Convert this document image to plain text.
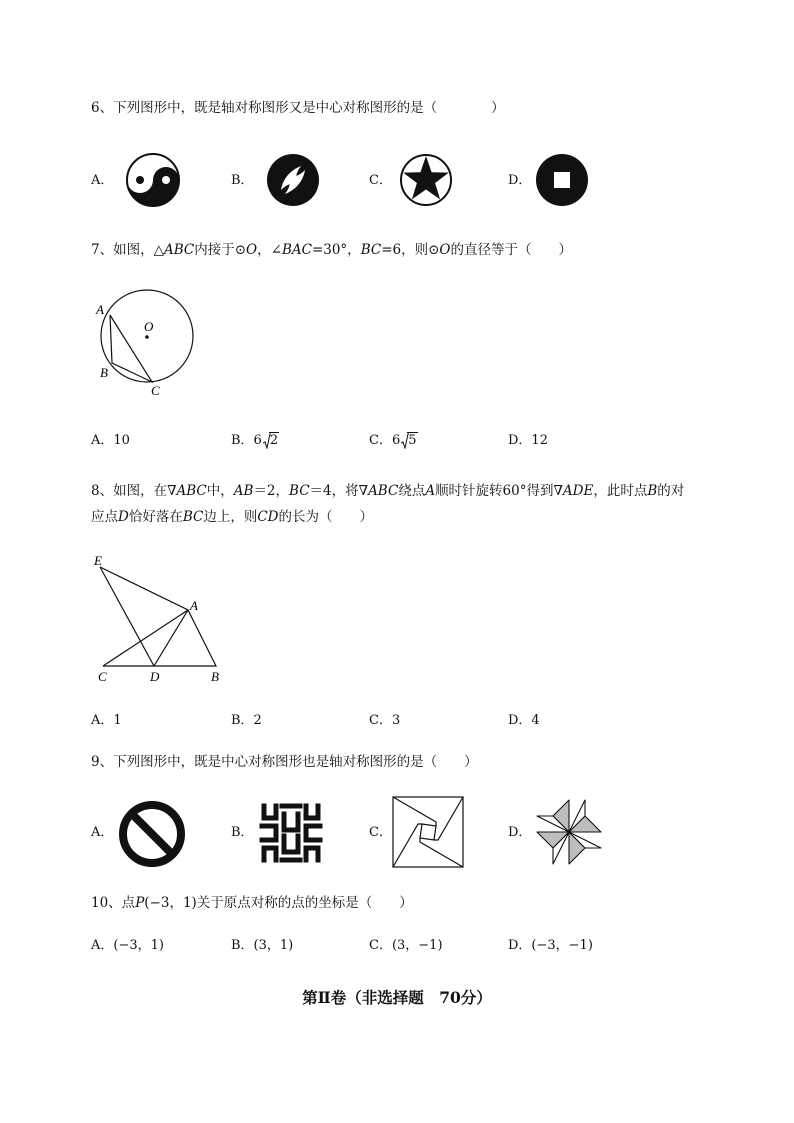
6、下列图形中，既是轴对称图形又是中心对称图形的是（　　　　）
A．	B．	C．	D．
7、如图，△ABC内接于⊙O，∠BAC=30°，BC=6，则⊙O的直径等于（　　）
A
O
B
C
A．10	B．6 2	C．6 5	D．12
8、如图，在∇ABC中，AB＝2，BC＝4，将∇ABC绕点A顺时针旋转60°得到∇ADE，此时点B的对
应点D恰好落在BC边上，则CD的长为（　　）
E
A
C	D	B
A．1	B．2	C．3	D．4
9、下列图形中，既是中心对称图形也是轴对称图形的是（　　）
A．	B．	C．	D．
10、点P(−3，1)关于原点对称的点的坐标是（　　）
A．(−3，1)	B．(3，1)	C．(3，−1)	D．(−3，−1)
第Ⅱ卷（非选择题　70分）
